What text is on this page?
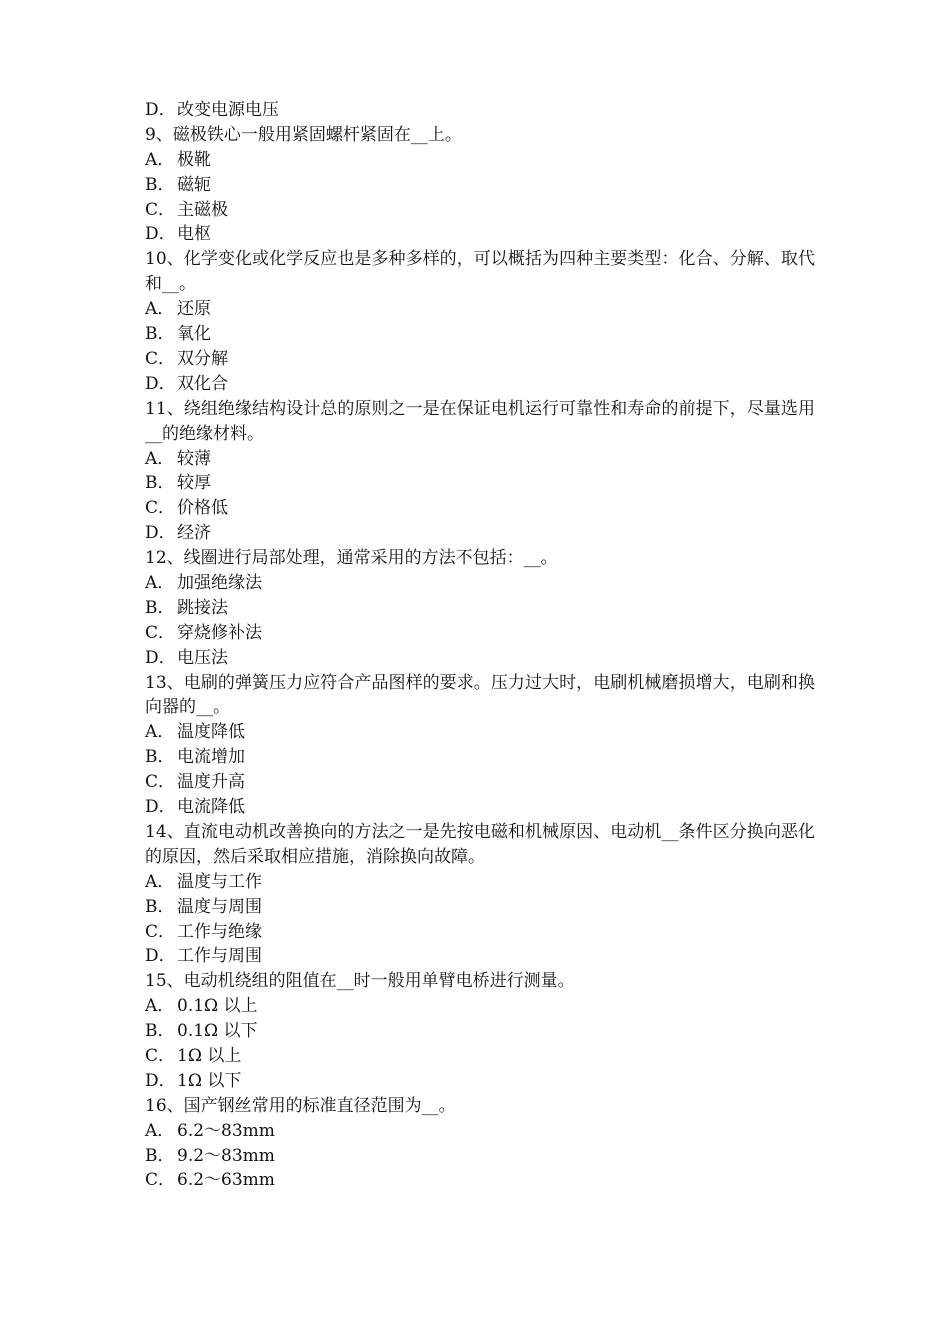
D．改变电源电压
9、磁极铁心一般用紧固螺杆紧固在__上。
A． 极靴
B． 磁轭
C． 主磁极
D．电枢
10、化学变化或化学反应也是多种多样的，可以概括为四种主要类型：化合、分解、取代和__。
A． 还原
B． 氧化
C． 双分解
D．双化合
11、绕组绝缘结构设计总的原则之一是在保证电机运行可靠性和寿命的前提下，尽量选用__的绝缘材料。
A． 较薄
B． 较厚
C． 价格低
D．经济
12、线圈进行局部处理，通常采用的方法不包括：__。
A． 加强绝缘法
B． 跳接法
C． 穿烧修补法
D．电压法
13、电刷的弹簧压力应符合产品图样的要求。压力过大时，电刷机械磨损增大，电刷和换向器的__。
A． 温度降低
B． 电流增加
C． 温度升高
D．电流降低
14、直流电动机改善换向的方法之一是先按电磁和机械原因、电动机__条件区分换向恶化的原因，然后采取相应措施，消除换向故障。
A． 温度与工作
B． 温度与周围
C． 工作与绝缘
D．工作与周围
15、电动机绕组的阻值在__时一般用单臂电桥进行测量。
A． 0.1Ω 以上
B． 0.1Ω 以下
C． 1Ω 以上
D．1Ω 以下
16、国产钢丝常用的标准直径范围为__。
A． 6.2～83mm
B． 9.2～83mm
C． 6.2～63mm
